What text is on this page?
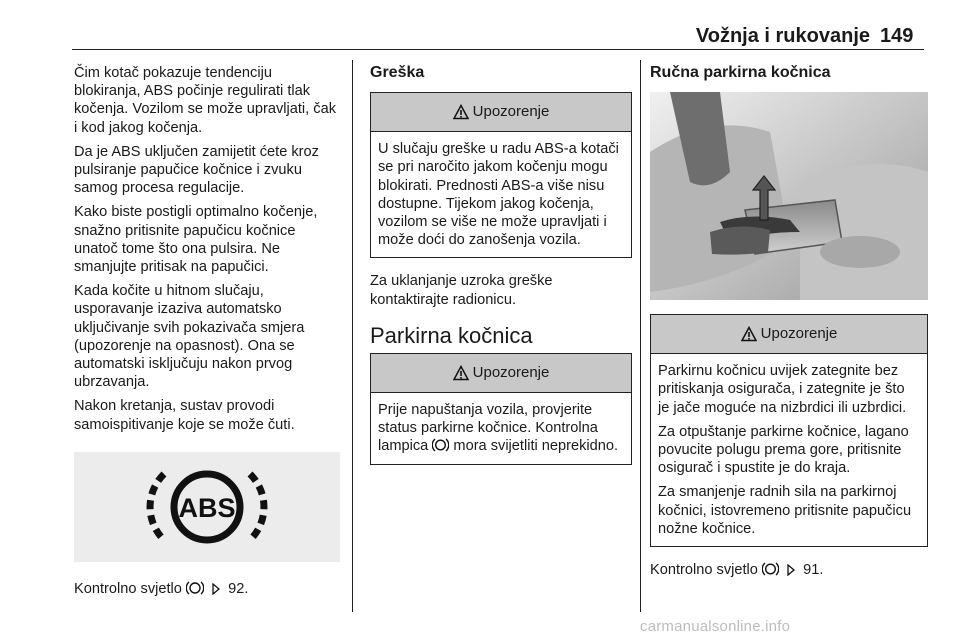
Vožnja i rukovanje 149

Čim kotač pokazuje tendenciju blokiranja, ABS počinje regulirati tlak kočenja. Vozilom se može upravljati, čak i kod jakog kočenja.

Da je ABS uključen zamijetit ćete kroz pulsiranje papučice kočnice i zvuku samog procesa regulacije.

Kako biste postigli optimalno kočenje, snažno pritisnite papučicu kočnice unatoč tome što ona pulsira. Ne smanjujte pritisak na papučici.

Kada kočite u hitnom slučaju, usporavanje izaziva automatsko uključivanje svih pokazivača smjera (upozorenje na opasnost). Ona se automatski isključuju nakon prvog ubrzavanja.

Nakon kretanja, sustav provodi samoispitivanje koje se može čuti.

ABS

Kontrolno svjetlo	92.

Greška
Upozorenje

U slučaju greške u radu ABS-a kotači se pri naročito jakom kočenju mogu blokirati. Prednosti ABS-a više nisu dostupne. Tijekom jakog kočenja, vozilom se više ne može upravljati i može doći do zanošenja vozila.

Za uklanjanje uzroka greške kontaktirajte radionicu.

Parkirna kočnica
Upozorenje

Prije napuštanja vozila, provjerite status parkirne kočnice. Kontrolna lampica mora svijetliti neprekidno.

Ručna parkirna kočnica
Upozorenje

Parkirnu kočnicu uvijek zategnite bez pritiskanja osigurača, i zategnite je što je jače moguće na nizbrdici ili uzbrdici.

Za otpuštanje parkirne kočnice, lagano povucite polugu prema gore, pritisnite osigurač i spustite je do kraja.

Za smanjenje radnih sila na parkirnoj kočnici, istovremeno pritisnite papučicu nožne kočnice.

Kontrolno svjetlo	91.

carmanualsonline.info
